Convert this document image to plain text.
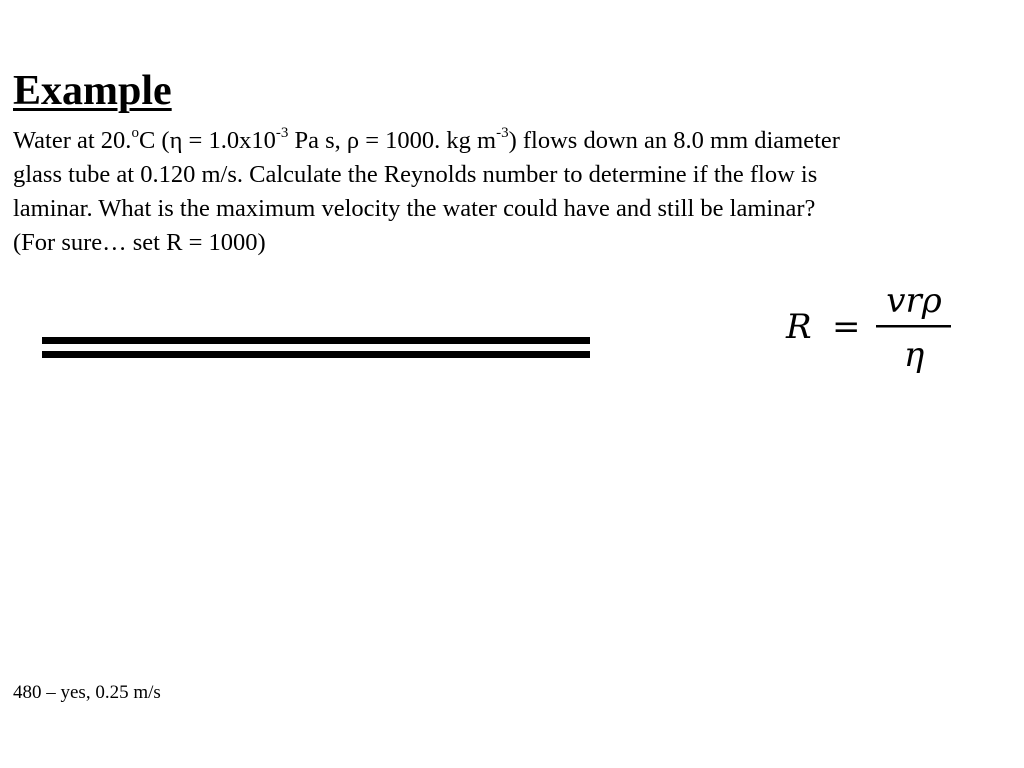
Example

Water at 20.$^o$C ($\eta = 1.0x10^{-3}$ Pa s, ρ = 1000. kg $m^{-3}$) flows down an 8.0 mm diameter

glass tube at 0.120 m/s. Calculate the Reynolds number to determine if the flow is

laminar. What is the maximum velocity the water could have and still be laminar?

(For sure… set R = 1000)

R =
vrρ
η
480 – yes, 0.25 m/s
